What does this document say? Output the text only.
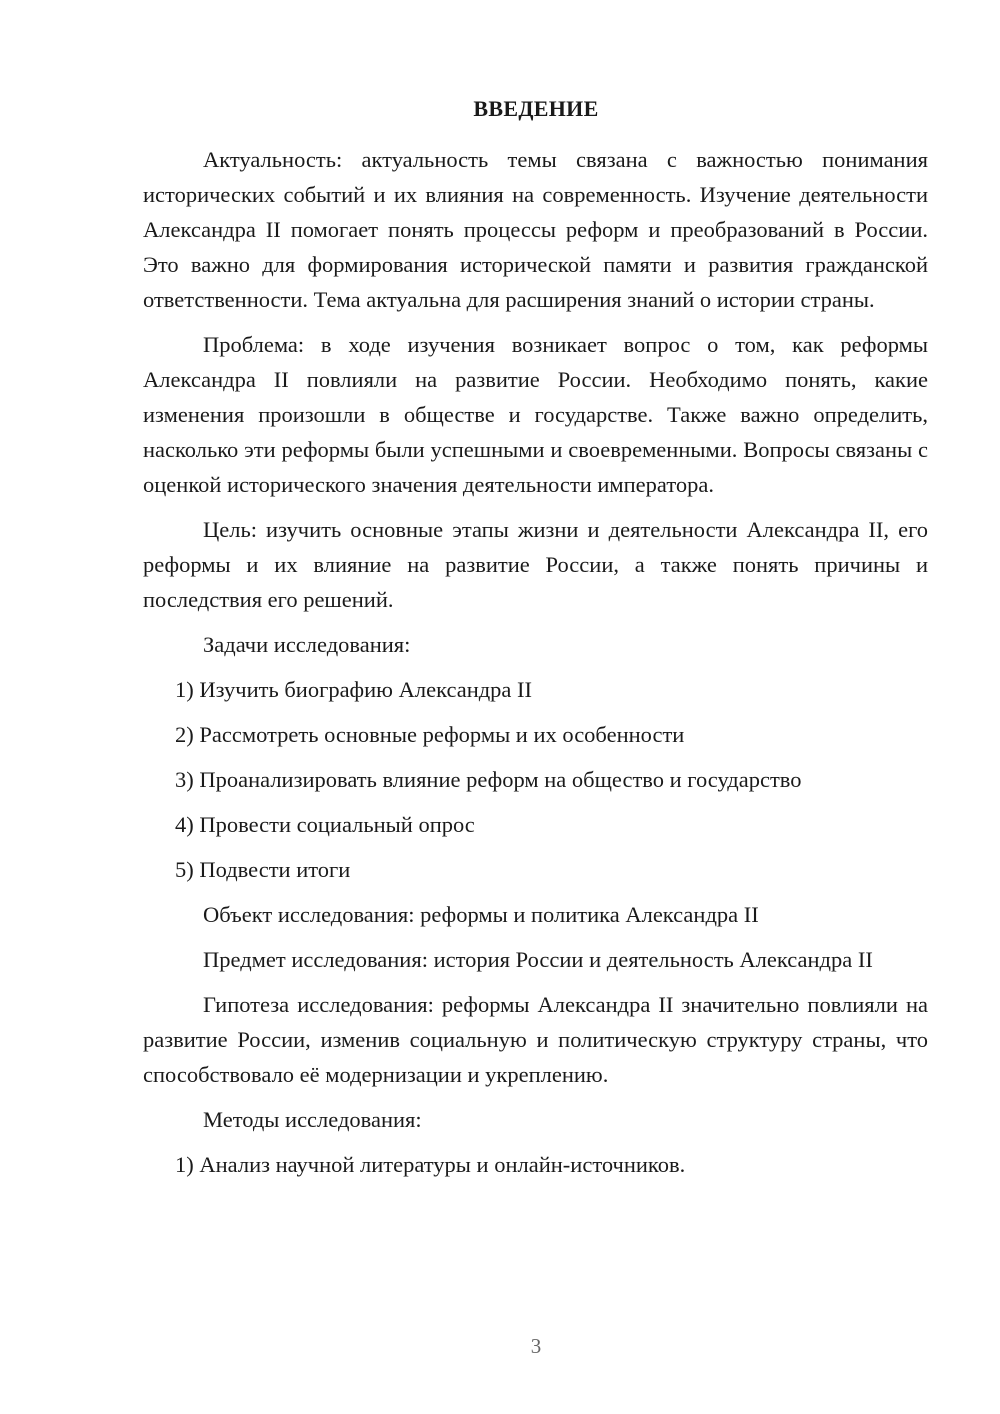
ВВЕДЕНИЕ

Актуальность: актуальность темы связана с важностью понимания исторических событий и их влияния на современность. Изучение деятельности Александра II помогает понять процессы реформ и преобразований в России. Это важно для формирования исторической памяти и развития гражданской ответственности. Тема актуальна для расширения знаний о истории страны.

Проблема: в ходе изучения возникает вопрос о том, как реформы Александра II повлияли на развитие России. Необходимо понять, какие изменения произошли в обществе и государстве. Также важно определить, насколько эти реформы были успешными и своевременными. Вопросы связаны с оценкой исторического значения деятельности императора.

Цель: изучить основные этапы жизни и деятельности Александра II, его реформы и их влияние на развитие России, а также понять причины и последствия его решений.

Задачи исследования:

1) Изучить биографию Александра II

2) Рассмотреть основные реформы и их особенности

3) Проанализировать влияние реформ на общество и государство

4) Провести социальный опрос

5) Подвести итоги

Объект исследования: реформы и политика Александра II

Предмет исследования: история России и деятельность Александра II

Гипотеза исследования: реформы Александра II значительно повлияли на развитие России, изменив социальную и политическую структуру страны, что способствовало её модернизации и укреплению.

Методы исследования:

1) Анализ научной литературы и онлайн-источников.

3
